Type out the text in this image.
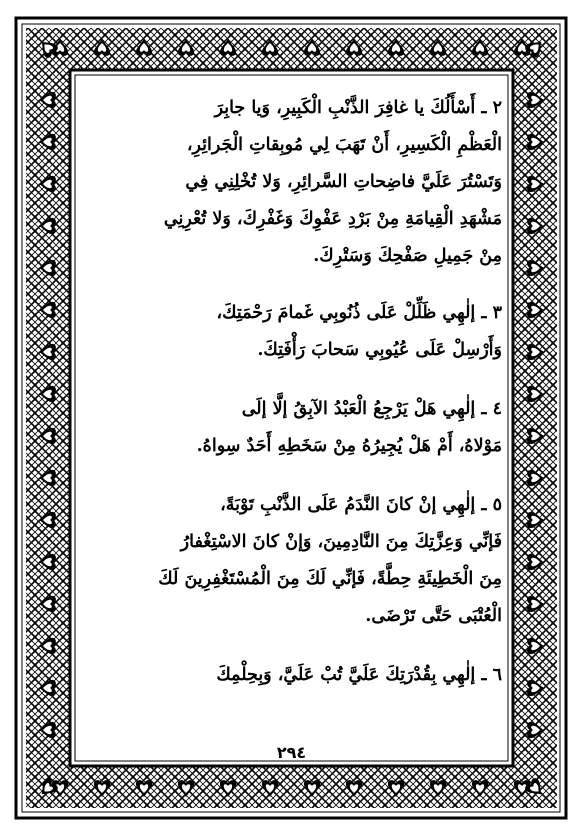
٢ ـ أَسْأَلُكَ يا غافِرَ الذَّنْبِ الْكَبِيرِ، وَيا جابِرَ
الْعَظْمِ الْكَسِيرِ، أَنْ تَهَبَ لِي مُوبِقاتِ الْجَرائِرِ،
وَتَسْتُرَ عَلَيَّ فاضِحاتِ السَّرائِرِ، وَلا تُخْلِنِي فِي
مَشْهَدِ الْقِيامَةِ مِنْ بَرْدِ عَفْوِكَ وَغَفْرِكَ، وَلا تُعْرِنِي
مِنْ جَمِيلِ صَفْحِكَ وَسَتْرِكَ.

٣ ـ إلٰهِي ظَلِّلْ عَلَى ذُنُوبِي غَمامَ رَحْمَتِكَ،
وَأَرْسِلْ عَلَى عُيُوبِي سَحابَ رَأْفَتِكَ.

٤ ـ إلٰهِي هَلْ يَرْجِعُ الْعَبْدُ الآبِقُ إلَّا إلَى
مَوْلاهُ، أَمْ هَلْ يُجِيرُهُ مِنْ سَخَطِهِ أَحَدٌ سِواهُ.

٥ ـ إلٰهِي إنْ كانَ النَّدَمُ عَلَى الذَّنْبِ تَوْبَةً،
فَإنِّي وَعِزَّتِكَ مِنَ النَّادِمِينَ، وَإنْ كانَ الاسْتِغْفارُ
مِنَ الْخَطِيئَةِ حِطَّةً، فَإنِّي لَكَ مِنَ الْمُسْتَغْفِرِينَ لَكَ
الْعُتْبَى حَتَّى تَرْضَى.

٦ ـ إلٰهِي بِقُدْرَتِكَ عَلَيَّ تُبْ عَلَيَّ، وَبِحِلْمِكَ

٢٩٤
